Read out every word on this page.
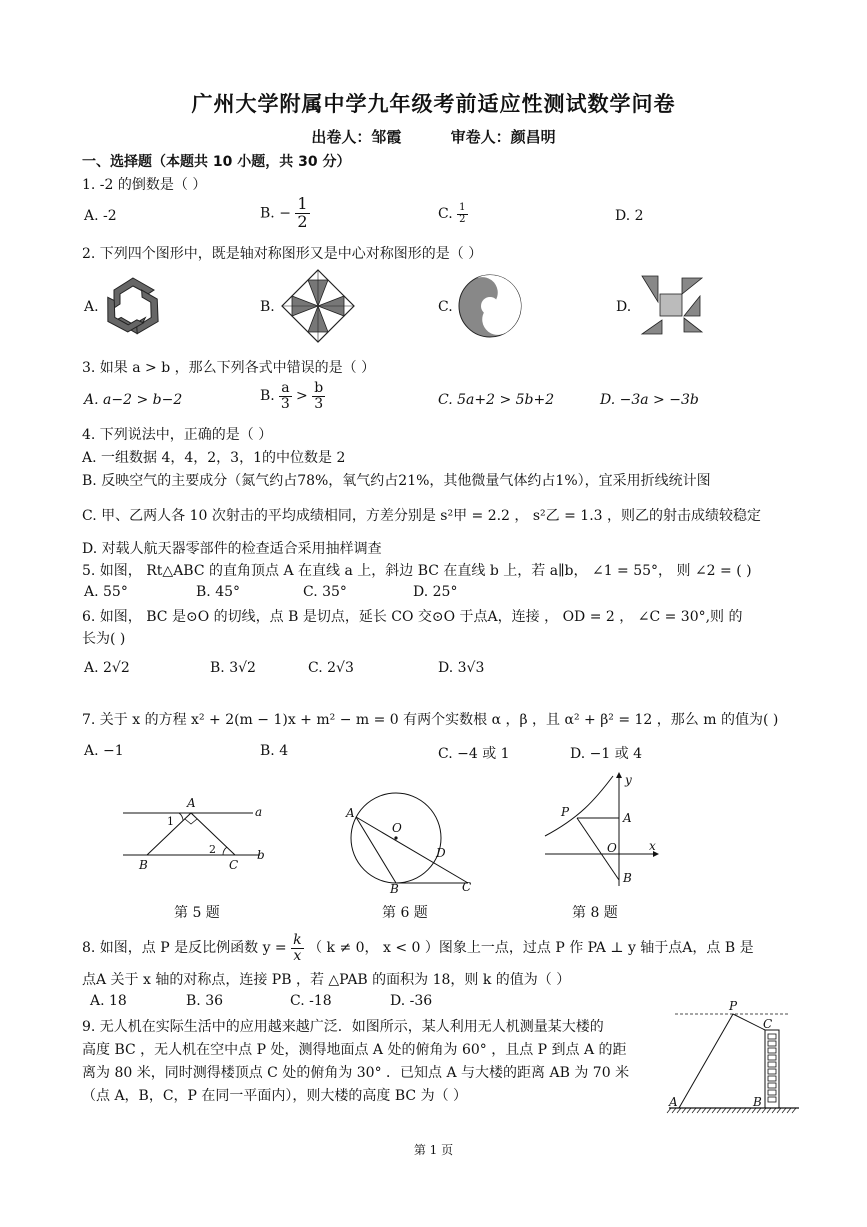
广州大学附属中学九年级考前适应性测试数学问卷
出卷人：邹霞	审卷人：颜昌明
一、选择题（本题共 10 小题，共 30 分）
1. -2 的倒数是（ ）
A. -2	B. − $\frac{1}{2}$	C. $\frac{1}{2}$	D. 2
2. 下列四个图形中，既是轴对称图形又是中心对称图形的是（ ）
A.	B.	C.	D.
3. 如果 a > b ，那么下列各式中错误的是（ ）
A. a−2 > b−2	B. $\frac{a}{3} > \frac{b}{3}$	C. 5a+2 > 5b+2	D. −3a > −3b
4. 下列说法中，正确的是（ ）
A. 一组数据 4，4，2，3，1的中位数是 2
B. 反映空气的主要成分（氮气约占78%，氧气约占21%，其他微量气体约占1%），宜采用折线统计图
C. 甲、乙两人各 10 次射击的平均成绩相同，方差分别是 s²甲 = 2.2 ， s²乙 = 1.3 ，则乙的射击成绩较稳定
D. 对载人航天器零部件的检查适合采用抽样调查
5. 如图， Rt△ABC 的直角顶点 A 在直线 a 上，斜边 BC 在直线 b 上，若 a∥b， ∠1 = 55°， 则 ∠2 = ( )
A. 55°	B. 45°	C. 35°	D. 25°
6. 如图， BC 是⊙O 的切线，点 B 是切点，延长 CO 交⊙O 于点A，连接 ， OD = 2 ， ∠C = 30°,则 的
长为( )
A. 2√2	B. 3√2	C. 2√3	D. 3√3
7. 关于 x 的方程 x² + 2(m − 1)x + m² − m = 0 有两个实数根 α ，β ，且 α² + β² = 12 ，那么 m 的值为( )
A. −1	B. 4	C. −4 或 1	D. −1 或 4
A
a
1
2
B	C
b
第 5 题
A
O
D
B	C
第 6 题
y
P	A
O	x
B
第 8 题
8. 如图，点 P 是反比例函数 $y = \frac{k}{x}$ （ k ≠ 0， x < 0 ）图象上一点，过点 P 作 PA ⊥ y 轴于点A，点 B 是
点A 关于 x 轴的对称点，连接 PB ，若 △PAB 的面积为 18，则 k 的值为（ ）
A. 18	B. 36	C. -18	D. -36
9. 无人机在实际生活中的应用越来越广泛．如图所示，某人利用无人机测量某大楼的
高度 BC ，无人机在空中点 P 处，测得地面点 A 处的俯角为 60° ，且点 P 到点 A 的距
离为 80 米，同时测得楼顶点 C 处的俯角为 30° ．已知点 A 与大楼的距离 AB 为 70 米
（点 A，B，C，P 在同一平面内），则大楼的高度 BC 为（ ）
P
C
A	B
第 1 页
